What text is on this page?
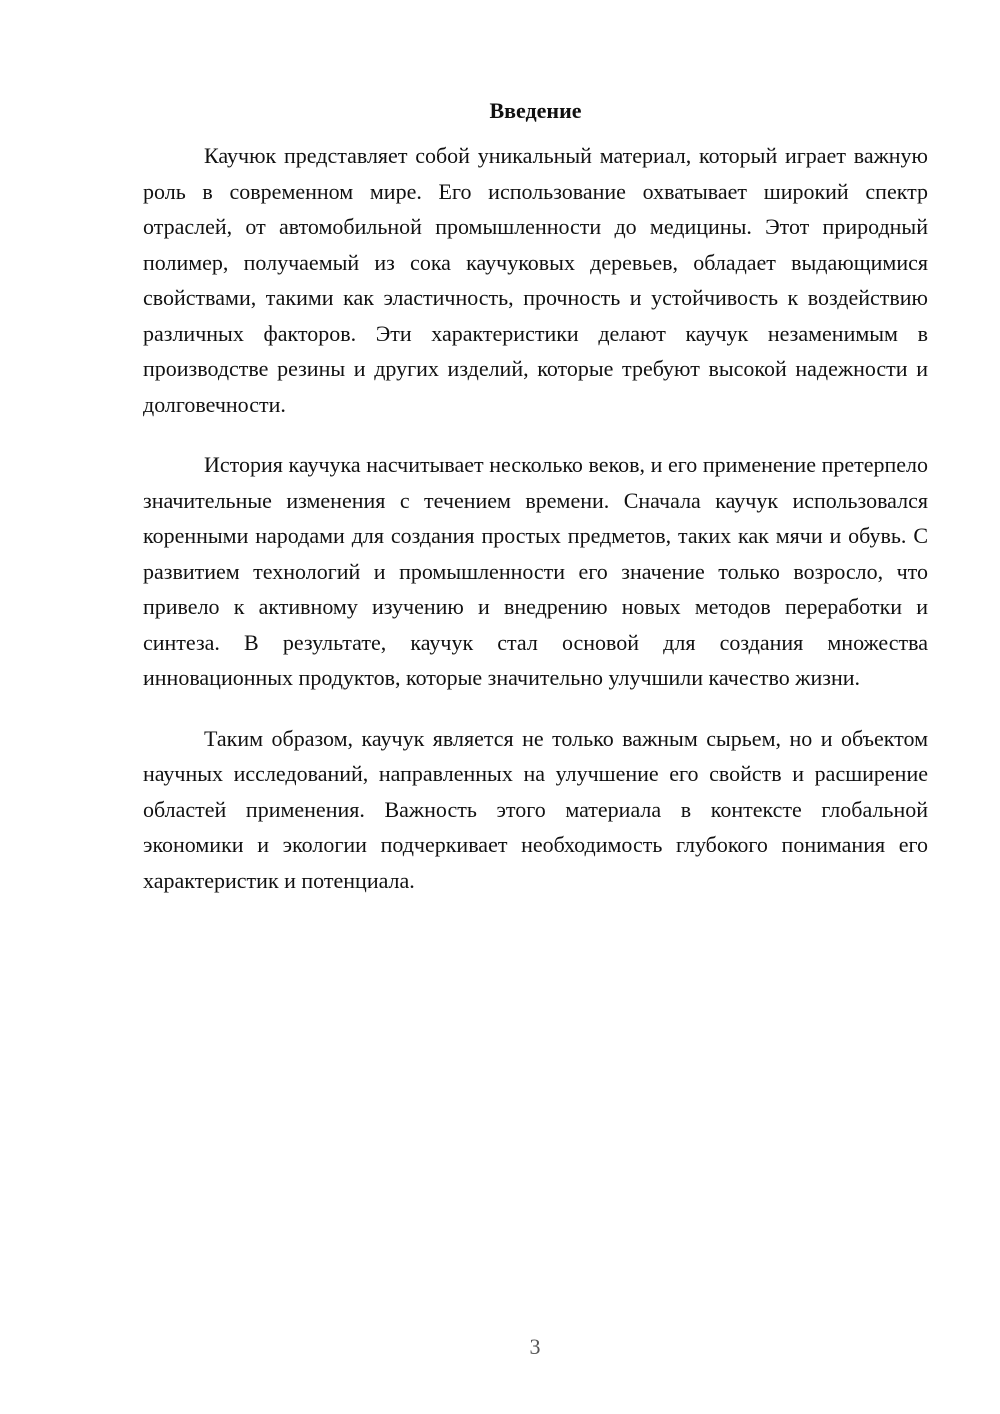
Введение

Каучюк представляет собой уникальный материал, который играет важную роль в современном мире. Его использование охватывает широкий спектр отраслей, от автомобильной промышленности до медицины. Этот природный полимер, получаемый из сока каучуковых деревьев, обладает выдающимися свойствами, такими как эластичность, прочность и устойчивость к воздействию различных факторов. Эти характеристики делают каучук незаменимым в производстве резины и других изделий, которые требуют высокой надежности и долговечности.

История каучука насчитывает несколько веков, и его применение претерпело значительные изменения с течением времени. Сначала каучук использовался коренными народами для создания простых предметов, таких как мячи и обувь. С развитием технологий и промышленности его значение только возросло, что привело к активному изучению и внедрению новых методов переработки и синтеза. В результате, каучук стал основой для создания множества инновационных продуктов, которые значительно улучшили качество жизни.

Таким образом, каучук является не только важным сырьем, но и объектом научных исследований, направленных на улучшение его свойств и расширение областей применения. Важность этого материала в контексте глобальной экономики и экологии подчеркивает необходимость глубокого понимания его характеристик и потенциала.

3
